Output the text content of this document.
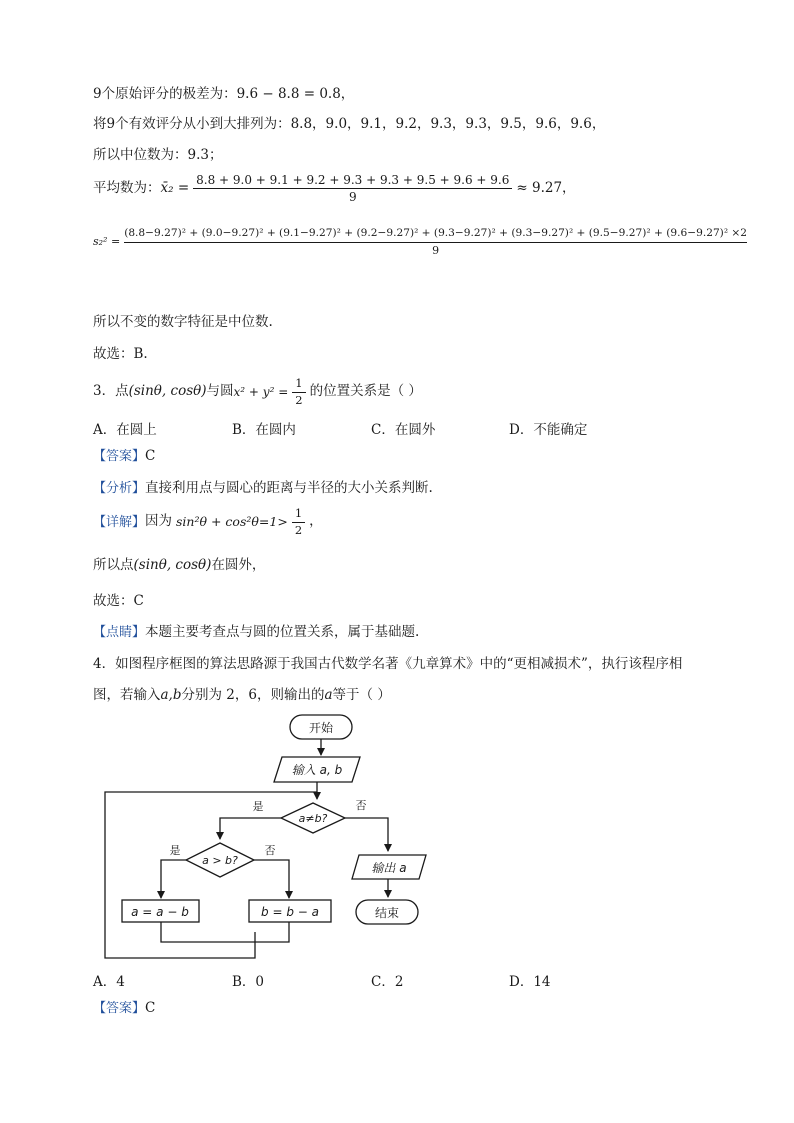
9个原始评分的极差为：9.6 − 8.8 = 0.8，
将9个有效评分从小到大排列为：8.8，9.0，9.1，9.2，9.3，9.3，9.5，9.6，9.6，
所以中位数为：9.3；
平均数为： x̄₂ = $\frac{8.8 + 9.0 + 9.1 + 9.2 + 9.3 + 9.3 + 9.5 + 9.6 + 9.6}{9} \approx 9.27$，
s₂² =
(8.8−9.27)² + (9.0−9.27)² + (9.1−9.27)² + (9.2−9.27)² + (9.3−9.27)² + (9.3−9.27)² + (9.5−9.27)² + (9.6−9.27)² ×2
9
所以不变的数字特征是中位数.
故选：B.
3．点 (sinθ, cosθ) 与圆 $x^2 + y^2 = \frac{1}{2}$ 的位置关系是（ ）
A．在圆上	B．在圆内	C．在圆外	D．不能确定
【答案】C
【分析】直接利用点与圆心的距离与半径的大小关系判断.
【详解】 因为 $\sin^2\theta + \cos^2\theta=1> \frac{1}{2}$ ，
所以点(sinθ, cosθ)在圆外，
故选：C
【点睛】本题主要考查点与圆的位置关系，属于基础题.
4．如图程序框图的算法思路源于我国古代数学名著《九章算术》中的“更相减损术”，执行该程序相
图，若输入a,b分别为 2，6，则输出的a等于（ ）
开始
输入 a, b
a≠b?
是	否
a > b?
是	否
a = a − b	b = b − a
输出 a
结束
A．4	B．0	C．2	D．14
【答案】C
